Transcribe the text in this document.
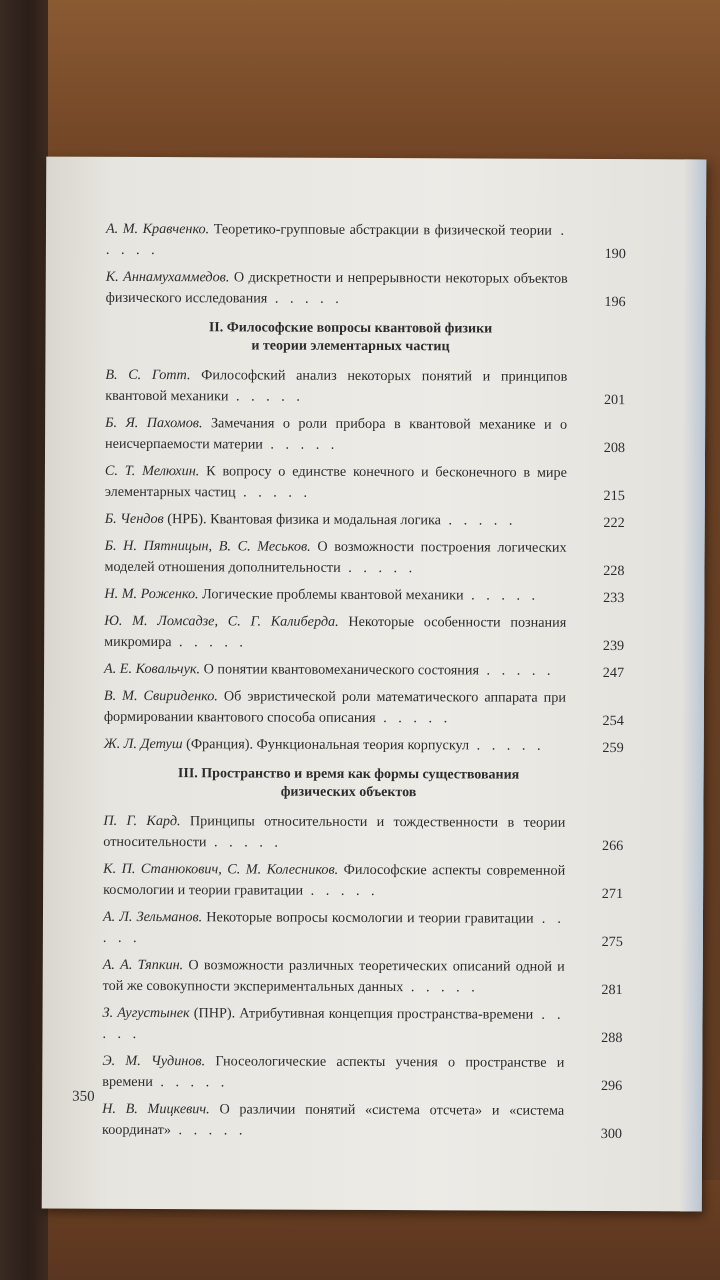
А. М. Кравченко. Теоретико-групповые абстракции в физической теории . . . . .	190
К. Аннамухаммедов. О дискретности и непрерывности некоторых объектов физического исследования . . . . .	196
II. Философские вопросы квантовой физики
и теории элементарных частиц
В. С. Готт. Философский анализ некоторых понятий и принципов квантовой механики . . . . .	201
Б. Я. Пахомов. Замечания о роли прибора в квантовой механике и о неисчерпаемости материи . . . . .	208
С. Т. Мелюхин. К вопросу о единстве конечного и бесконечного в мире элементарных частиц . . . . .	215
Б. Чендов (НРБ). Квантовая физика и модальная логика . . . . .	222
Б. Н. Пятницын, В. С. Меськов. О возможности построения логических моделей отношения дополнительности . . . . .	228
Н. М. Роженко. Логические проблемы квантовой механики . . . . .	233
Ю. М. Ломсадзе, С. Г. Калиберда. Некоторые особенности познания микромира . . . . .	239
А. Е. Ковальчук. О понятии квантовомеханического состояния . . . . .	247
В. М. Свириденко. Об эвристической роли математического аппарата при формировании квантового способа описания . . . . .	254
Ж. Л. Детуш (Франция). Функциональная теория корпускул . . . . .	259
III. Пространство и время как формы существования
физических объектов
П. Г. Кард. Принципы относительности и тождественности в теории относительности . . . . .	266
К. П. Станюкович, С. М. Колесников. Философские аспекты современной космологии и теории гравитации . . . . .	271
А. Л. Зельманов. Некоторые вопросы космологии и теории гравитации . . . . .	275
А. А. Тяпкин. О возможности различных теоретических описаний одной и той же совокупности экспериментальных данных . . . . .	281
З. Аугустынек (ПНР). Атрибутивная концепция пространства-времени . . . . .	288
Э. М. Чудинов. Гносеологические аспекты учения о пространстве и времени . . . . .	296
Н. В. Мицкевич. О различии понятий «система отсчета» и «система координат» . . . . .	300
350
